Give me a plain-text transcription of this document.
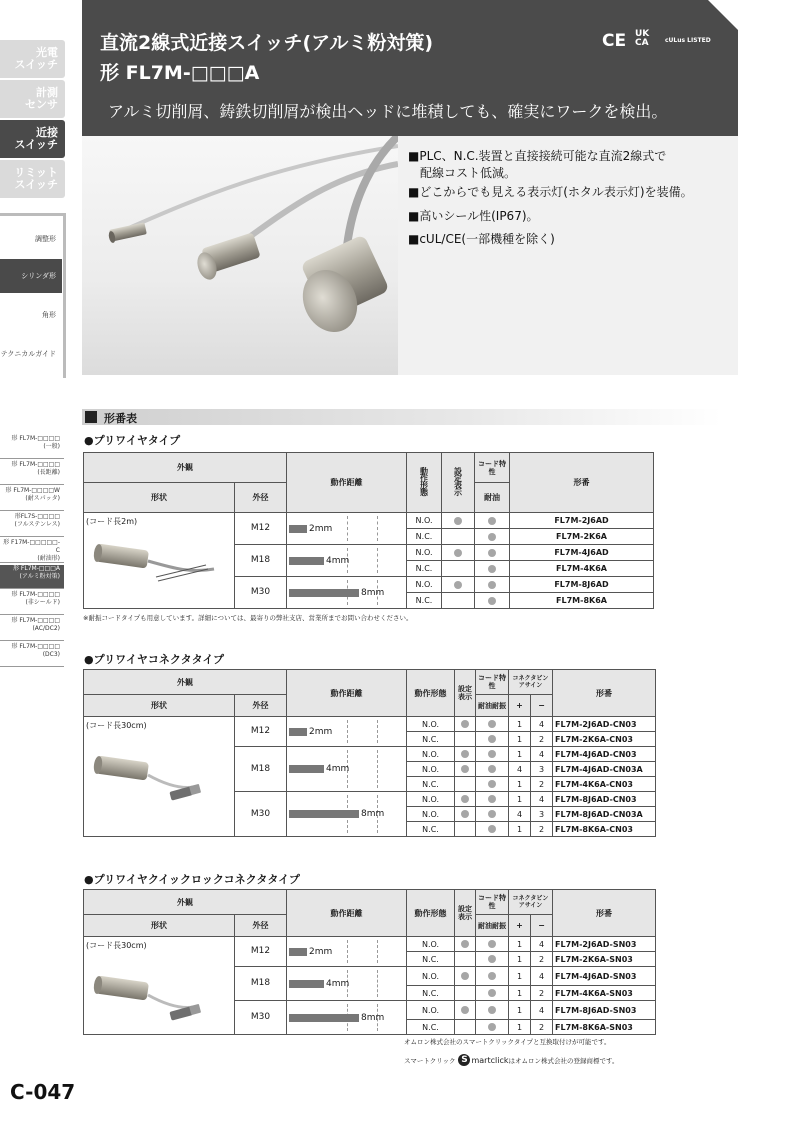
光電
スイッチ
計測
センサ
近接
スイッチ
リミット
スイッチ
調整形
シリンダ形
角形
テクニカルガイド
形 FL7M-□□□□
(一般)
形 FL7M-□□□□
(長距離)
形 FL7M-□□□□W
(耐スパッタ)
形FL7S-□□□□
(フルステンレス)
形 F17M-□□□□□-C
(耐油形)
形 FL7M-□□□A
(アルミ粉対策)
形 FL7M-□□□□
(非シールド)
形 FL7M-□□□□
(AC/DC2)
形 FL7M-□□□□
(DC3)
直流2線式近接スイッチ(アルミ粉対策)
形 FL7M-□□□A
CE UK CA	cULus LISTED
アルミ切削屑、鋳鉄切削屑が検出ヘッドに堆積しても、確実にワークを検出。
■PLC、N.C.装置と直接接続可能な直流2線式で
配線コスト低減。
■どこからでも見える表示灯(ホタル表示灯)を装備。
■高いシール性(IP67)。
■cUL/CE(一部機種を除く)
形番表
●プリワイヤタイプ
外観		動作距離	動作形態	設定表示	コード特性	形番
形状	外径				耐油	

(コード長2m)	M12	2mm	N.O.			FL7M-2J6AD
			N.C.			FL7M-2K6A
	M18	4mm	N.O.			FL7M-4J6AD
			N.C.			FL7M-4K6A
	M30	8mm	N.O.			FL7M-8J6AD
			N.C.			FL7M-8K6A
※耐振コードタイプも用意しています。詳細については、最寄りの弊社支店、営業所までお問い合わせください。
●プリワイヤコネクタタイプ
外観		動作距離	動作形態	設定表示	コード特性	コネクタピンアサイン		形番
形状	外径				耐油耐振	+	−	

(コード長30cm)	M12	2mm	N.O.			1	4	FL7M-2J6AD-CN03
			N.C.			1	2	FL7M-2K6A-CN03
	M18	4mm	N.O.			1	4	FL7M-4J6AD-CN03
			N.O.			4	3	FL7M-4J6AD-CN03A
			N.C.			1	2	FL7M-4K6A-CN03
	M30	8mm	N.O.			1	4	FL7M-8J6AD-CN03
			N.O.			4	3	FL7M-8J6AD-CN03A
			N.C.			1	2	FL7M-8K6A-CN03
●プリワイヤクイックロックコネクタタイプ
外観		動作距離	動作形態	設定表示	コード特性	コネクタピンアサイン		形番
形状	外径				耐油耐振	+	−	

(コード長30cm)	M12	2mm	N.O.			1	4	FL7M-2J6AD-SN03
			N.C.			1	2	FL7M-2K6A-SN03
	M18	4mm	N.O.			1	4	FL7M-4J6AD-SN03
			N.C.			1	2	FL7M-4K6A-SN03
	M30	8mm	N.O.			1	4	FL7M-8J6AD-SN03
			N.C.			1	2	FL7M-8K6A-SN03
オムロン株式会社のスマートクリックタイプと互換取付けが可能です。
スマートクリック S martclick はオムロン株式会社の登録商標です。
C-047
